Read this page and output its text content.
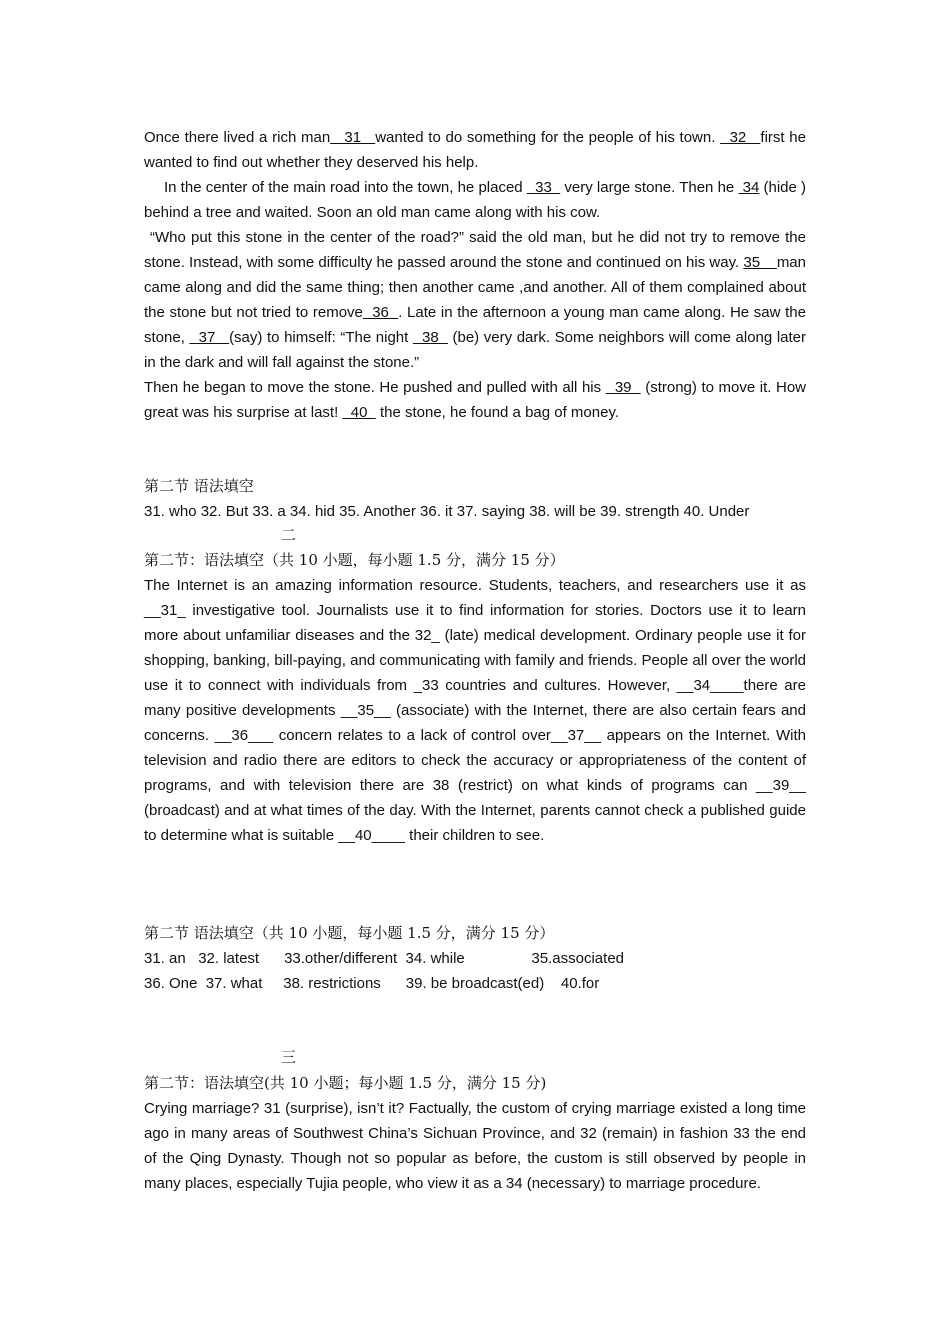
Once there lived a rich man   31   wanted to do something for the people of his town.   32   first he wanted to find out whether they deserved his help.

In the center of the main road into the town, he placed   33   very large stone. Then he  34 (hide ) behind a tree and waited. Soon an old man came along with his cow.

“Who put this stone in the center of the road?” said the old man, but he did not try to remove the stone. Instead, with some difficulty he passed around the stone and continued on his way. 35    man came along and did the same thing; then another came ,and another. All of them complained about the stone but not tried to remove  36  . Late in the afternoon a young man came along. He saw the stone,   37   (say) to himself: “The night   38   (be) very dark. Some neighbors will come along later in the dark and will fall against the stone.”

Then he began to move the stone. He pushed and pulled with all his   39   (strong) to move it. How great was his surprise at last!   40   the stone, he found a bag of money.

第二节 语法填空

31. who 32. But 33. a 34. hid 35. Another 36. it 37. saying 38. will be 39. strength 40. Under

二

第二节：语法填空（共 10 小题，每小题 1.5 分，满分 15 分）

The Internet is an amazing information resource. Students, teachers, and researchers use it as __31_ investigative tool. Journalists use it to find information for stories. Doctors use it to learn more about unfamiliar diseases and the 32_ (late) medical development. Ordinary people use it for shopping, banking, bill-paying, and communicating with family and friends. People all over the world use it to connect with individuals from _33 countries and cultures. However, __34____there are many positive developments __35__ (associate) with the Internet, there are also certain fears and concerns. __36___ concern relates to a lack of control over__37__ appears on the Internet. With television and radio there are editors to check the accuracy or appropriateness of the content of programs, and with television there are 38 (restrict) on what kinds of programs can __39__ (broadcast) and at what times of the day. With the Internet, parents cannot check a published guide to determine what is suitable __40____ their children to see.

第二节 语法填空（共 10 小题，每小题 1.5 分，满分 15 分）

31. an   32. latest      33.other/different  34. while                35.associated

36. One  37. what     38. restrictions      39. be broadcast(ed)    40.for

三

第二节：语法填空(共 10 小题；每小题 1.5 分，满分 15 分)

Crying marriage? 31 (surprise), isn’t it? Factually, the custom of crying marriage existed a long time ago in many areas of Southwest China’s Sichuan Province, and 32 (remain) in fashion 33 the end of the Qing Dynasty. Though not so popular as before, the custom is still observed by people in many places, especially Tujia people, who view it as a 34 (necessary) to marriage procedure.
